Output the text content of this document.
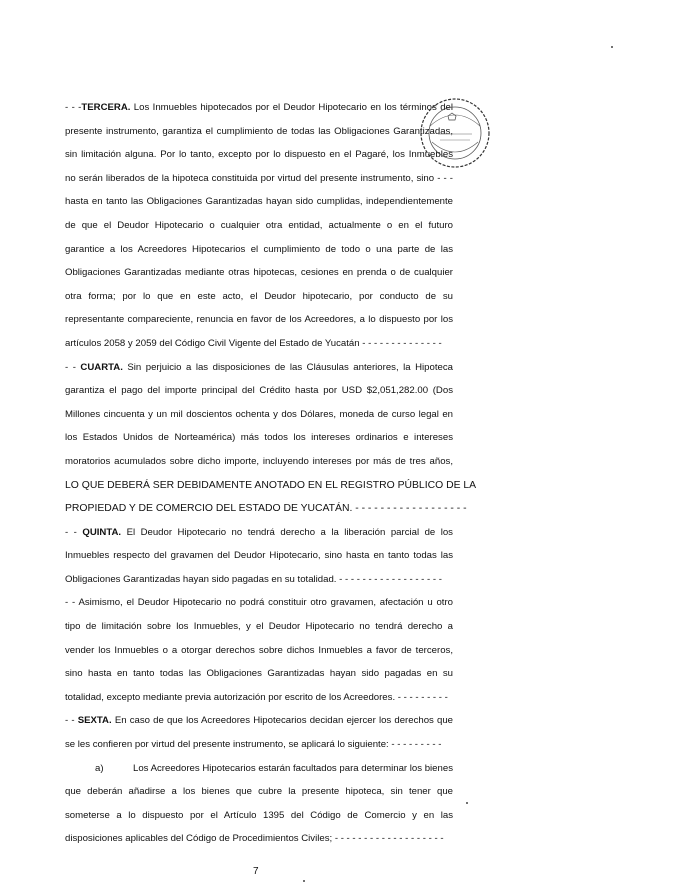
- - -TERCERA. Los Inmuebles hipotecados por el Deudor Hipotecario en los términos del
presente instrumento, garantiza el cumplimiento de todas las Obligaciones Garantizadas,
sin limitación alguna. Por lo tanto, excepto por lo dispuesto en el Pagaré, los Inmuebles
no serán liberados de la hipoteca constituida por virtud del presente instrumento, sino - - -
hasta en tanto las Obligaciones Garantizadas hayan sido cumplidas, independientemente
de que el Deudor Hipotecario o cualquier otra entidad, actualmente o en el futuro
garantice a los Acreedores Hipotecarios el cumplimiento de todo o una parte de las
Obligaciones Garantizadas mediante otras hipotecas, cesiones en prenda o de cualquier
otra forma; por lo que en este acto, el Deudor hipotecario, por conducto de su
representante compareciente, renuncia en favor de los Acreedores, a lo dispuesto por los
artículos 2058 y 2059 del Código Civil Vigente del Estado de Yucatán - - - - - - - - - - - - - -
- - CUARTA. Sin perjuicio a las disposiciones de las Cláusulas anteriores, la Hipoteca
garantiza el pago del importe principal del Crédito hasta por USD $2,051,282.00 (Dos
Millones cincuenta y un mil doscientos ochenta y dos Dólares, moneda de curso legal en
los Estados Unidos de Norteamérica) más todos los intereses ordinarios e intereses
moratorios acumulados sobre dicho importe, incluyendo intereses por más de tres años,
LO QUE DEBERÁ SER DEBIDAMENTE ANOTADO EN EL REGISTRO PÚBLICO DE LA
PROPIEDAD Y DE COMERCIO DEL ESTADO DE YUCATÁN. - - - - - - - - - - - - - - - - - -
- - QUINTA. El Deudor Hipotecario no tendrá derecho a la liberación parcial de los
Inmuebles respecto del gravamen del Deudor Hipotecario, sino hasta en tanto todas las
Obligaciones Garantizadas hayan sido pagadas en su totalidad. - - - - - - - - - - - - - - - - - -
- - Asimismo, el Deudor Hipotecario no podrá constituir otro gravamen, afectación u otro
tipo de limitación sobre los Inmuebles, y el Deudor Hipotecario no tendrá derecho a
vender los Inmuebles o a otorgar derechos sobre dichos Inmuebles a favor de terceros,
sino hasta en tanto todas las Obligaciones Garantizadas hayan sido pagadas en su
totalidad, excepto mediante previa autorización por escrito de los Acreedores. - - - - - - - - -
- - SEXTA. En caso de que los Acreedores Hipotecarios decidan ejercer los derechos que
se les confieren por virtud del presente instrumento, se aplicará lo siguiente: - - - - - - - - -
a)	Los Acreedores Hipotecarios estarán facultados para determinar los bienes
que deberán añadirse a los bienes que cubre la presente hipoteca, sin tener que
someterse a lo dispuesto por el Artículo 1395 del Código de Comercio y en las
disposiciones aplicables del Código de Procedimientos Civiles; - - - - - - - - - - - - - - - - - - -
7
